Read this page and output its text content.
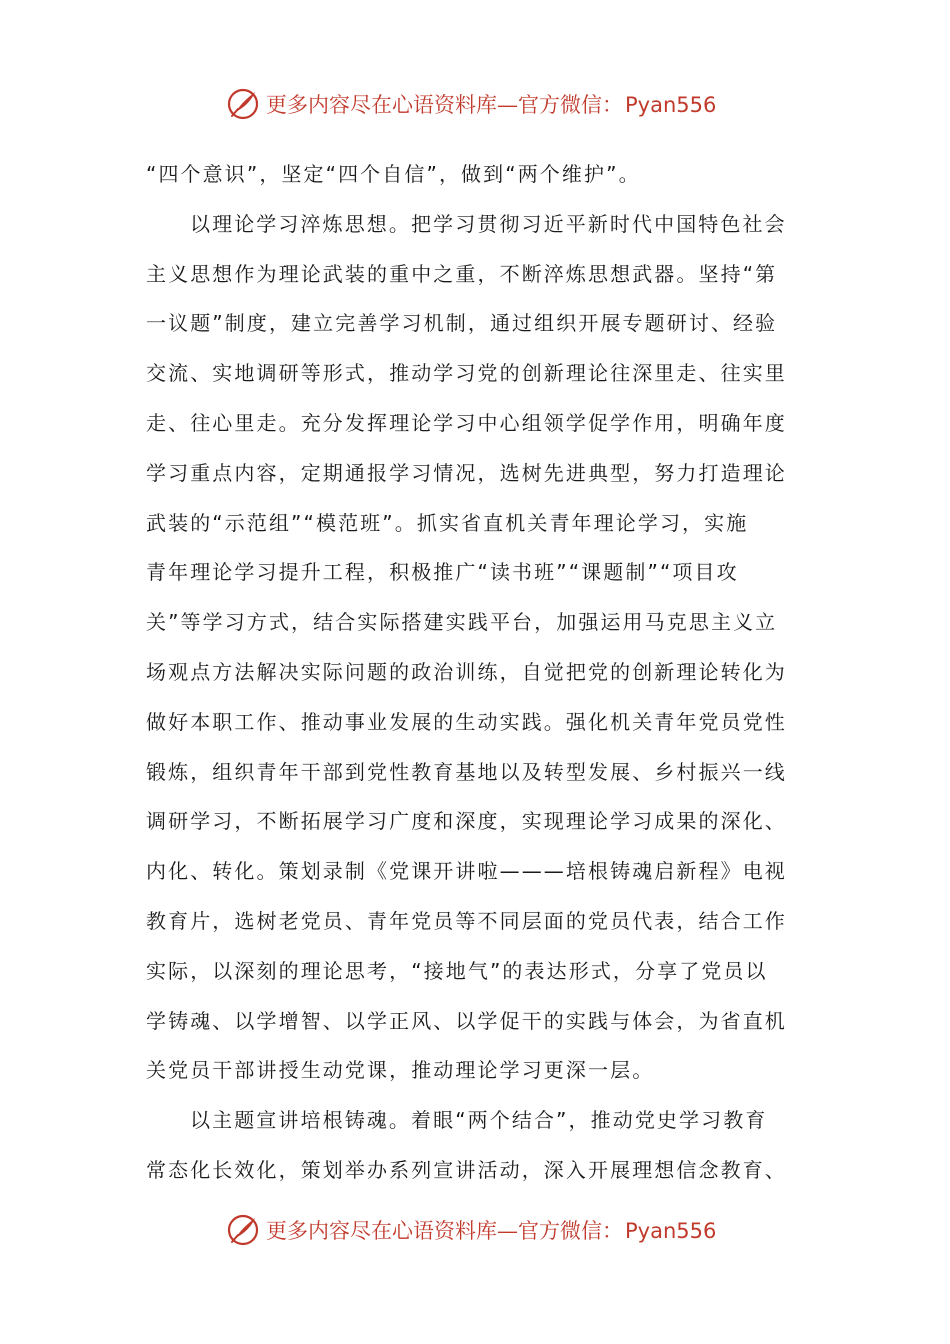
更多内容尽在心语资料库—官方微信：Pyan556
“四个意识”，坚定“四个自信”，做到“两个维护”。
以理论学习淬炼思想。把学习贯彻习近平新时代中国特色社会
主义思想作为理论武装的重中之重，不断淬炼思想武器。坚持“第
一议题”制度，建立完善学习机制，通过组织开展专题研讨、经验
交流、实地调研等形式，推动学习党的创新理论往深里走、往实里
走、往心里走。充分发挥理论学习中心组领学促学作用，明确年度
学习重点内容，定期通报学习情况，选树先进典型，努力打造理论
武装的“示范组”“模范班”。抓实省直机关青年理论学习，实施
青年理论学习提升工程，积极推广“读书班”“课题制”“项目攻
关”等学习方式，结合实际搭建实践平台，加强运用马克思主义立
场观点方法解决实际问题的政治训练，自觉把党的创新理论转化为
做好本职工作、推动事业发展的生动实践。强化机关青年党员党性
锻炼，组织青年干部到党性教育基地以及转型发展、乡村振兴一线
调研学习，不断拓展学习广度和深度，实现理论学习成果的深化、
内化、转化。策划录制《党课开讲啦———培根铸魂启新程》电视
教育片，选树老党员、青年党员等不同层面的党员代表，结合工作
实际，以深刻的理论思考，“接地气”的表达形式，分享了党员以
学铸魂、以学增智、以学正风、以学促干的实践与体会，为省直机
关党员干部讲授生动党课，推动理论学习更深一层。
以主题宣讲培根铸魂。着眼“两个结合”，推动党史学习教育
常态化长效化，策划举办系列宣讲活动，深入开展理想信念教育、
更多内容尽在心语资料库—官方微信：Pyan556
